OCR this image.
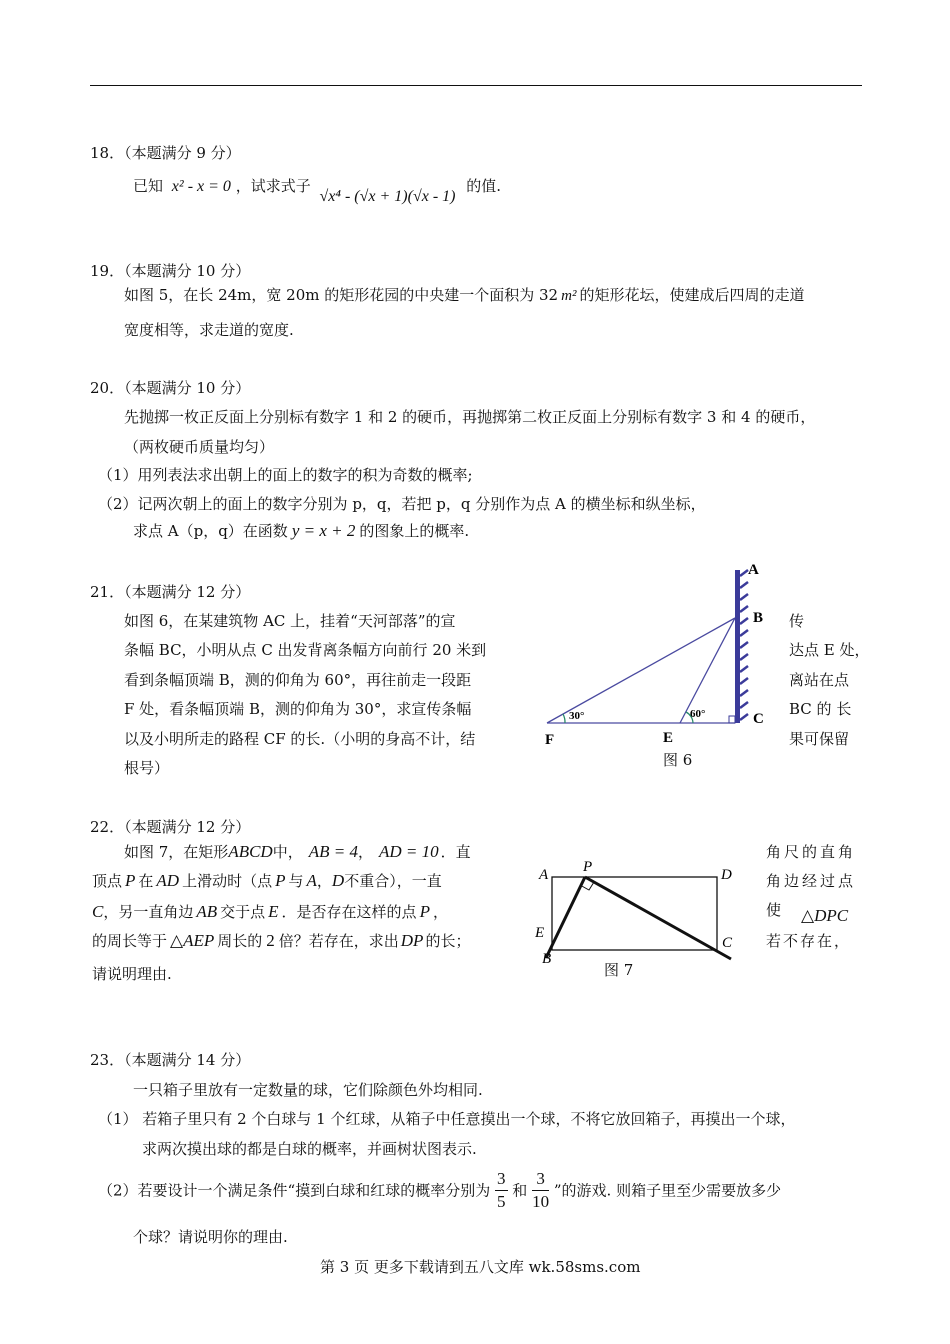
18．（本题满分 9 分）
已知 x² - x = 0 ，试求式子 √x⁴ - (√x + 1)(√x - 1) 的值.
19．（本题满分 10 分）
如图 5，在长 24m，宽 20m 的矩形花园的中央建一个面积为 32 m² 的矩形花坛，使建成后四周的走道
宽度相等，求走道的宽度.
20．（本题满分 10 分）
先抛掷一枚正反面上分别标有数字 1 和 2 的硬币，再抛掷第二枚正反面上分别标有数字 3 和 4 的硬币，
（两枚硬币质量均匀）
（1）用列表法求出朝上的面上的数字的积为奇数的概率;
（2）记两次朝上的面上的数字分别为 p，q，若把 p，q 分别作为点 A 的横坐标和纵坐标，
求点 A（p，q）在函数 y = x + 2 的图象上的概率.
21．（本题满分 12 分）
如图 6，在某建筑物 AC 上，挂着“天河部落”的宣
条幅 BC，小明从点 C 出发背离条幅方向前行 20 米到
看到条幅顶端 B，测的仰角为 60°，再往前走一段距
F 处，看条幅顶端 B，测的仰角为 30°，求宣传条幅
以及小明所走的路程 CF 的长.（小明的身高不计，结
根号）
传
达点 E 处，
离站在点
BC 的 长
果可保留
A
B
C
E
F
30°	60°
图 6
22．（本题满分 12 分）
如图 7，在矩形ABCD中， AB = 4， AD = 10 ．直
顶点 P 在 AD 上滑动时（点 P 与 A，D不重合），一直
C，另一直角边 AB 交于点 E ．是否存在这样的点 P ，
的周长等于 △AEP 周长的 2 倍？若存在，求出 DP 的长；
请说明理由.
角尺的直角
角边经过点
使 △DPC
若不存在，
A P	D
E
B
C
图 7
23．（本题满分 14 分）
一只箱子里放有一定数量的球，它们除颜色外均相同.
（1） 若箱子里只有 2 个白球与 1 个红球，从箱子中任意摸出一个球，不将它放回箱子，再摸出一个球，
求两次摸出球的都是白球的概率，并画树状图表示.
（2）若要设计一个满足条件“摸到白球和红球的概率分别为 $\frac{3}{5}$ 和 $\frac{3}{10}$ ”的游戏. 则箱子里至少需要放多少
个球？请说明你的理由.
第 3 页 更多下载请到五八文库 wk.58sms.com
